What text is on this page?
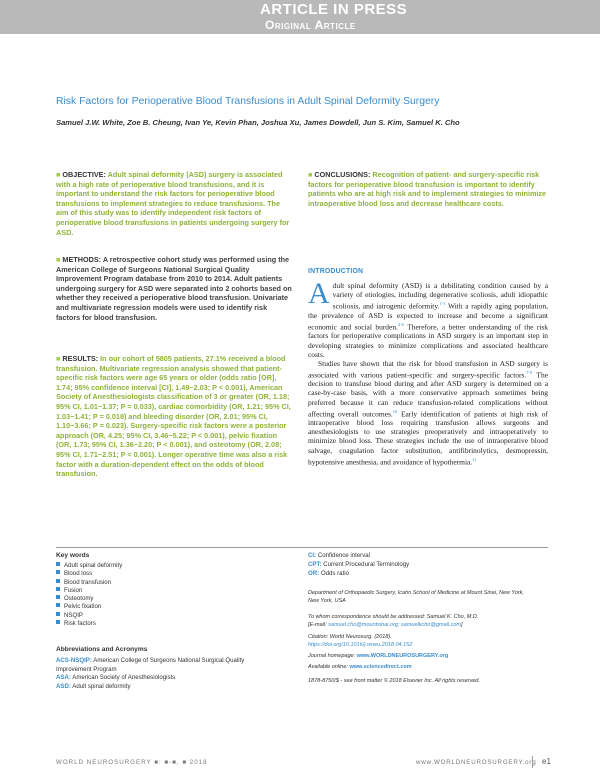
ARTICLE IN PRESS
Original Article
Risk Factors for Perioperative Blood Transfusions in Adult Spinal Deformity Surgery
Samuel J.W. White, Zoe B. Cheung, Ivan Ye, Kevin Phan, Joshua Xu, James Dowdell, Jun S. Kim, Samuel K. Cho
■ OBJECTIVE: Adult spinal deformity (ASD) surgery is associated with a high rate of perioperative blood transfusions, and it is important to understand the risk factors for perioperative blood transfusions to implement strategies to reduce transfusions. The aim of this study was to identify independent risk factors of perioperative blood transfusions in patients undergoing surgery for ASD.
■ METHODS: A retrospective cohort study was performed using the American College of Surgeons National Surgical Quality Improvement Program database from 2010 to 2014. Adult patients undergoing surgery for ASD were separated into 2 cohorts based on whether they received a perioperative blood transfusion. Univariate and multivariate regression models were used to identify risk factors for blood transfusion.
■ RESULTS: In our cohort of 5805 patients, 27.1% received a blood transfusion. Multivariate regression analysis showed that patient-specific risk factors were age 65 years or older (odds ratio [OR], 1.74; 95% confidence interval [CI], 1.49−2.03; P < 0.001), American Society of Anesthesiologists classification of 3 or greater (OR, 1.18; 95% CI, 1.01−1.37; P = 0.033), cardiac comorbidity (OR, 1.21; 95% CI, 1.03−1.41; P = 0.018) and bleeding disorder (OR, 2.01; 95% CI, 1.10−3.66; P = 0.023). Surgery-specific risk factors were a posterior approach (OR, 4.25; 95% CI, 3.46−5.22; P < 0.001), pelvic fixation (OR, 1.73; 95% CI, 1.36−2.20; P < 0.001), and osteotomy (OR, 2.08; 95% CI, 1.71−2.51; P < 0.001). Longer operative time was also a risk factor with a duration-dependent effect on the odds of blood transfusion.
■ CONCLUSIONS: Recognition of patient- and surgery-specific risk factors for perioperative blood transfusion is important to identify patients who are at high risk and to implement strategies to minimize intraoperative blood loss and decrease healthcare costs.
INTRODUCTION

Adult spinal deformity (ASD) is a debilitating condition caused by a variety of etiologies, including degenerative scoliosis, adult idiopathic scoliosis, and iatrogenic deformity.$^{1-3}$ With a rapidly aging population, the prevalence of ASD is expected to increase and become a significant economic and social burden.$^{4-6}$ Therefore, a better understanding of the risk factors for perioperative complications in ASD surgery is an important step in developing strategies to minimize complications and associated healthcare costs.

Studies have shown that the risk for blood transfusion in ASD surgery is associated with various patient-specific and surgery-specific factors.$^{7-9}$ The decision to transfuse blood during and after ASD surgery is determined on a case-by-case basis, with a more conservative approach sometimes being preferred because it can reduce transfusion-related complications without affecting overall outcomes.$^{10}$ Early identification of patients at high risk of intraoperative blood loss requiring transfusion allows surgeons and anesthesiologists to use strategies preoperatively and intraoperatively to minimize blood loss. These strategies include the use of intraoperative blood salvage, coagulation factor substitution, antifibrinolytics, desmopressin, hypotensive anesthesia, and avoidance of hypothermia.$^{11}$

Key words
Adult spinal deformity
Blood loss
Blood transfusion
Fusion
Osteotomy
Pelvic fixation
NSQIP
Risk factors
Abbreviations and Acronyms
ACS-NSQIP: American College of Surgeons National Surgical Quality
Improvement Program
ASA: American Society of Anesthesiologists
ASD: Adult spinal deformity
CI: Confidence interval
CPT: Current Procedural Terminology
OR: Odds ratio
Department of Orthopaedic Surgery, Icahn School of Medicine at Mount Sinai, New York,
New York, USA
To whom correspondence should be addressed: Samuel K. Cho, M.D.
[E-mail: samuel.cho@mountsinai.org; samuelkcho@gmail.com]
Citation: World Neurosurg. (2018).
https://doi.org/10.1016/j.wneu.2018.04.152
Journal homepage: www.WORLDNEUROSURGERY.org
Available online: www.sciencedirect.com
1878-8750/$ - see front matter © 2018 Elsevier Inc. All rights reserved.
WORLD NEUROSURGERY ■: ■-■, ■ 2018	www.WORLDNEUROSURGERY.org e1
